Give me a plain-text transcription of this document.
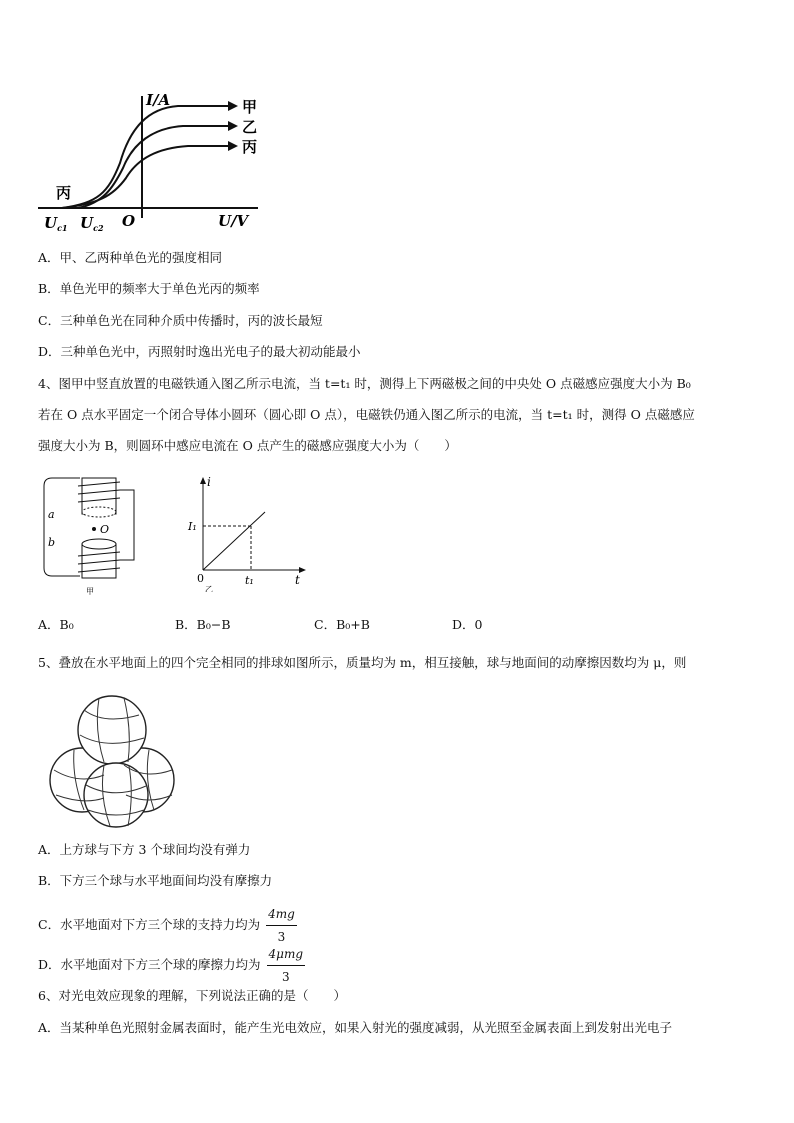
I/A
U/V
O
甲
乙
丙
丙
$U_{c1}$ $U_{c2}$
A．甲、乙两种单色光的强度相同
B．单色光甲的频率大于单色光丙的频率
C．三种单色光在同种介质中传播时，丙的波长最短
D．三种单色光中，丙照射时逸出光电子的最大初动能最小
4、图甲中竖直放置的电磁铁通入图乙所示电流，当 t=t₁ 时，测得上下两磁极之间的中央处 O 点磁感应强度大小为 B₀
若在 O 点水平固定一个闭合导体小圆环（圆心即 O 点），电磁铁仍通入图乙所示的电流，当 t=t₁ 时，测得 O 点磁感应
强度大小为 B，则圆环中感应电流在 O 点产生的磁感应强度大小为（　　）
O
a
b
甲
i
t
I₁
t₁
0
乙
A．B₀	B．B₀−B	C．B₀+B	D．0
5、叠放在水平地面上的四个完全相同的排球如图所示，质量均为 m，相互接触，球与地面间的动摩擦因数均为 μ，则
A．上方球与下方 3 个球间均没有弹力
B．下方三个球与水平地面间均没有摩擦力
C．水平地面对下方三个球的支持力均为 $\frac{4mg}{3}$
D．水平地面对下方三个球的摩擦力均为 $\frac{\text{4μmg}}{3}$
6、对光电效应现象的理解，下列说法正确的是（　　）
A．当某种单色光照射金属表面时，能产生光电效应，如果入射光的强度减弱，从光照至金属表面上到发射出光电子
